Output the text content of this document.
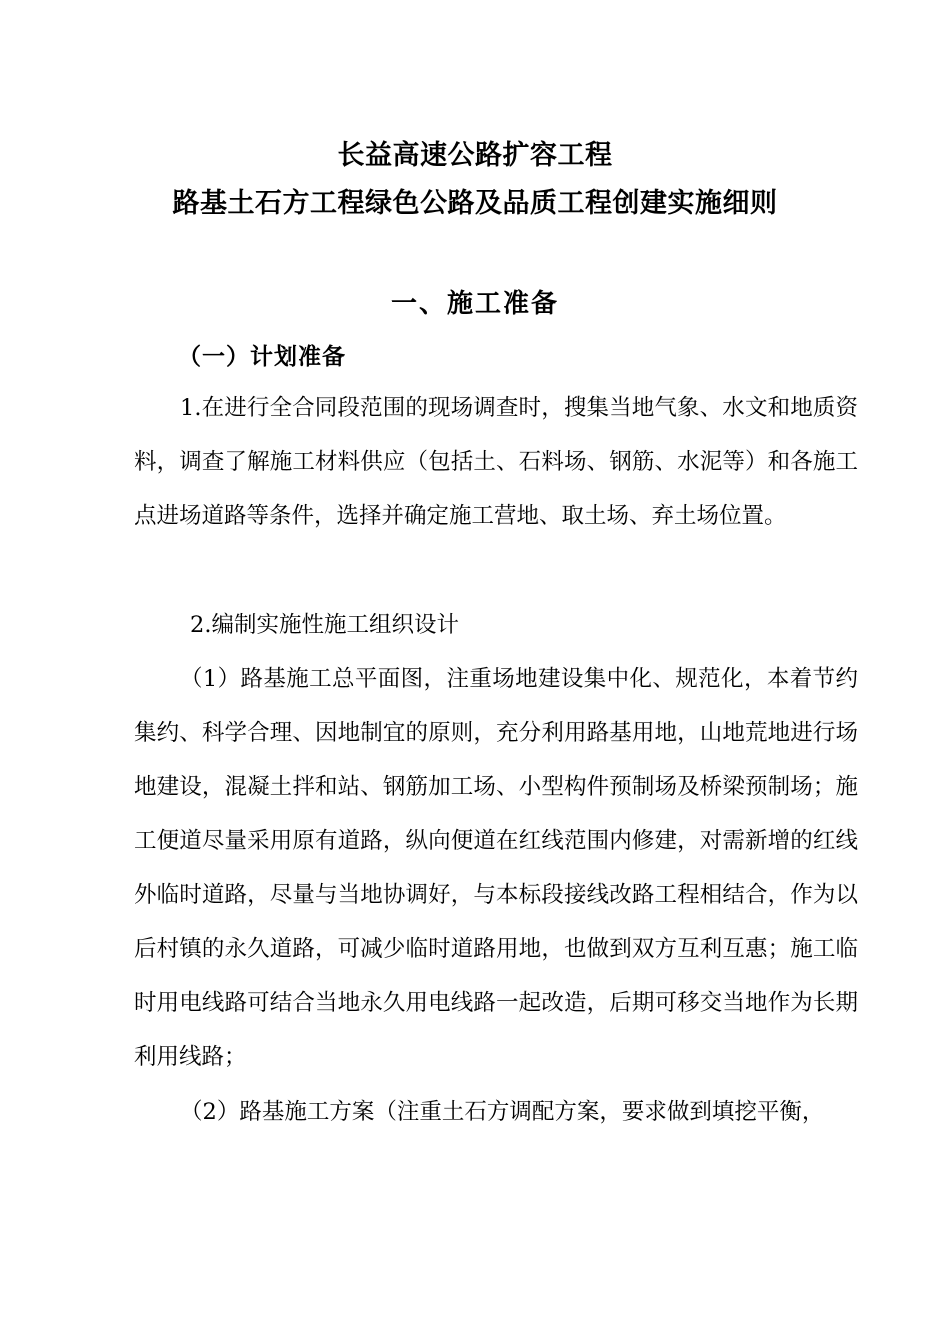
长益高速公路扩容工程
路基土石方工程绿色公路及品质工程创建实施细则
一、施工准备
（一）计划准备
1.在进行全合同段范围的现场调查时，搜集当地气象、水文和地质资料，调查了解施工材料供应（包括土、石料场、钢筋、水泥等）和各施工点进场道路等条件，选择并确定施工营地、取土场、弃土场位置。
2.编制实施性施工组织设计
（1）路基施工总平面图，注重场地建设集中化、规范化，本着节约集约、科学合理、因地制宜的原则，充分利用路基用地，山地荒地进行场地建设，混凝土拌和站、钢筋加工场、小型构件预制场及桥梁预制场；施工便道尽量采用原有道路，纵向便道在红线范围内修建，对需新增的红线外临时道路，尽量与当地协调好，与本标段接线改路工程相结合，作为以后村镇的永久道路，可减少临时道路用地，也做到双方互利互惠；施工临时用电线路可结合当地永久用电线路一起改造，后期可移交当地作为长期利用线路；
（2）路基施工方案（注重土石方调配方案，要求做到填挖平衡，
